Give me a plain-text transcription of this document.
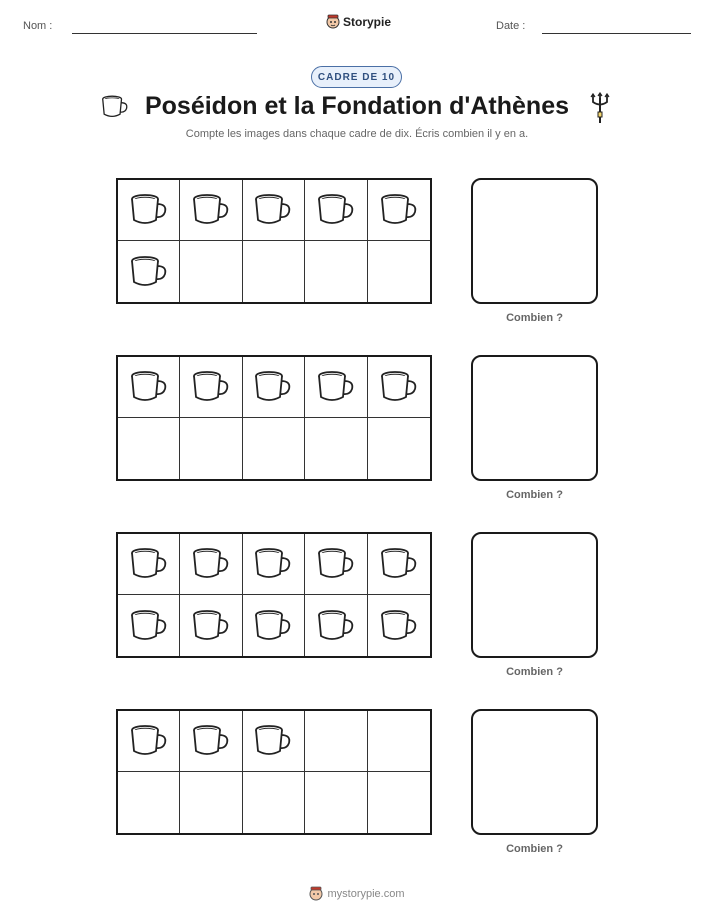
Nom :	Storypie	Date :
CADRE DE 10
Poséidon et la Fondation d'Athènes
Compte les images dans chaque cadre de dix. Écris combien il y en a.
Combien ?
Combien ?
Combien ?
Combien ?
mystorypie.com
